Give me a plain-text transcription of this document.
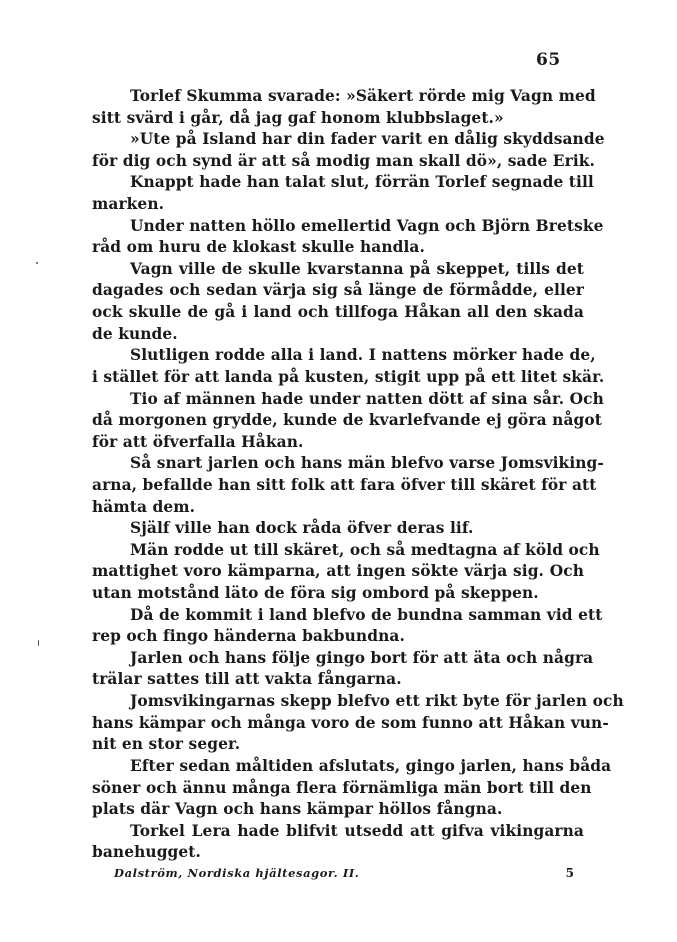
65
Torlef Skumma svarade: »Säkert rörde mig Vagn med
sitt svärd i går, då jag gaf honom klubbslaget.»
»Ute på Island har din fader varit en dålig skyddsande
för dig och synd är att så modig man skall dö», sade Erik.
Knappt hade han talat slut, förrän Torlef segnade till
marken.
Under natten höllo emellertid Vagn och Björn Bretske
råd om huru de klokast skulle handla.
Vagn ville de skulle kvarstanna på skeppet, tills det
dagades och sedan värja sig så länge de förmådde, eller
ock skulle de gå i land och tillfoga Håkan all den skada
de kunde.
Slutligen rodde alla i land. I nattens mörker hade de,
i stället för att landa på kusten, stigit upp på ett litet skär.
Tio af männen hade under natten dött af sina sår. Och
då morgonen grydde, kunde de kvarlefvande ej göra något
för att öfverfalla Håkan.
Så snart jarlen och hans män blefvo varse Jomsviking-
arna, befallde han sitt folk att fara öfver till skäret för att
hämta dem.
Själf ville han dock råda öfver deras lif.
Män rodde ut till skäret, och så medtagna af köld och
mattighet voro kämparna, att ingen sökte värja sig. Och
utan motstånd läto de föra sig ombord på skeppen.
Då de kommit i land blefvo de bundna samman vid ett
rep och fingo händerna bakbundna.
Jarlen och hans följe gingo bort för att äta och några
trälar sattes till att vakta fångarna.
Jomsvikingarnas skepp blefvo ett rikt byte för jarlen och
hans kämpar och många voro de som funno att Håkan vun-
nit en stor seger.
Efter sedan måltiden afslutats, gingo jarlen, hans båda
söner och ännu många flera förnämliga män bort till den
plats där Vagn och hans kämpar höllos fångna.
Torkel Lera hade blifvit utsedd att gifva vikingarna
banehugget.
Dalström, Nordiska hjältesagor. II.	5
